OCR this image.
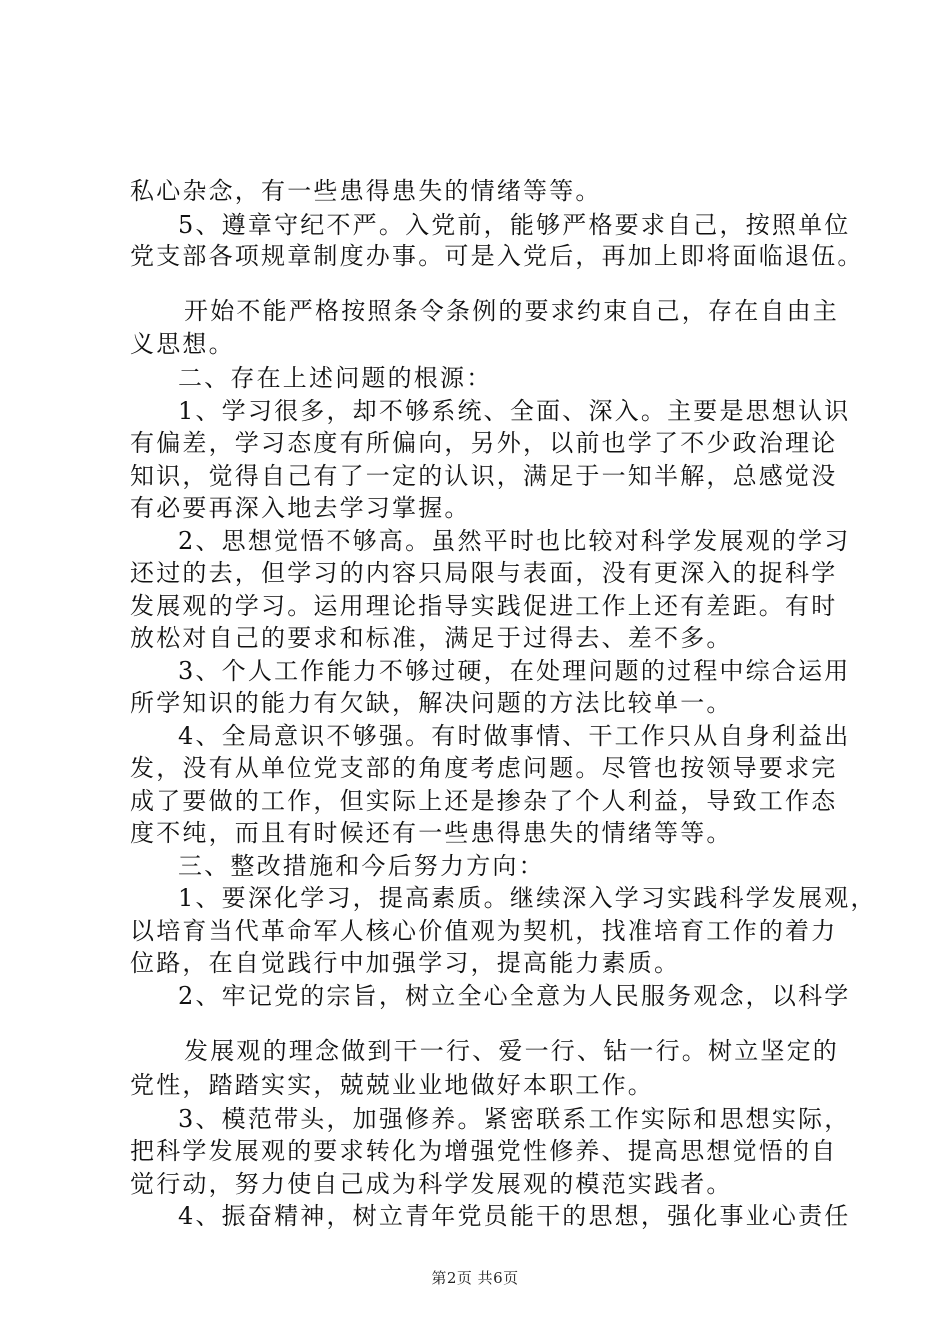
私心杂念，有一些患得患失的情绪等等。
5、遵章守纪不严。入党前，能够严格要求自己，按照单位
党支部各项规章制度办事。可是入党后，再加上即将面临退伍。
开始不能严格按照条令条例的要求约束自己，存在自由主
义思想。
二、存在上述问题的根源：
1、学习很多，却不够系统、全面、深入。主要是思想认识
有偏差，学习态度有所偏向，另外，以前也学了不少政治理论
知识，觉得自己有了一定的认识，满足于一知半解，总感觉没
有必要再深入地去学习掌握。
2、思想觉悟不够高。虽然平时也比较对科学发展观的学习
还过的去，但学习的内容只局限与表面，没有更深入的捉科学
发展观的学习。运用理论指导实践促进工作上还有差距。有时
放松对自己的要求和标准，满足于过得去、差不多。
3、个人工作能力不够过硬，在处理问题的过程中综合运用
所学知识的能力有欠缺，解决问题的方法比较单一。
4、全局意识不够强。有时做事情、干工作只从自身利益出
发，没有从单位党支部的角度考虑问题。尽管也按领导要求完
成了要做的工作，但实际上还是掺杂了个人利益，导致工作态
度不纯，而且有时候还有一些患得患失的情绪等等。
三、整改措施和今后努力方向：
1、要深化学习，提高素质。继续深入学习实践科学发展观，
以培育当代革命军人核心价值观为契机，找准培育工作的着力
位路，在自觉践行中加强学习，提高能力素质。
2、牢记党的宗旨，树立全心全意为人民服务观念，以科学
发展观的理念做到干一行、爱一行、钻一行。树立坚定的
党性，踏踏实实，兢兢业业地做好本职工作。
3、模范带头，加强修养。紧密联系工作实际和思想实际，
把科学发展观的要求转化为增强党性修养、提高思想觉悟的自
觉行动，努力使自己成为科学发展观的模范实践者。
4、振奋精神，树立青年党员能干的思想，强化事业心责任
第2页 共6页
